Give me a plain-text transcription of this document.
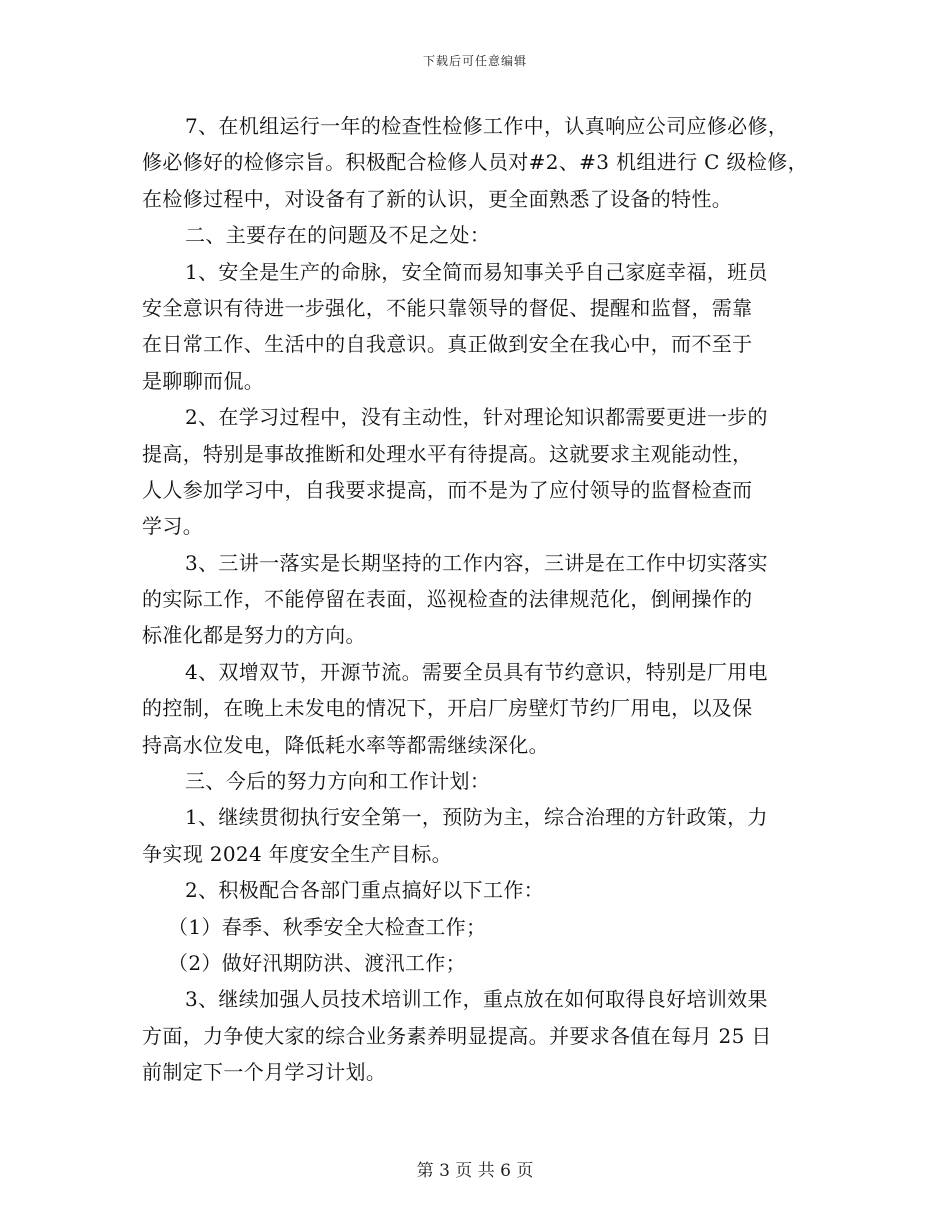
下载后可任意编辑
7、在机组运行一年的检查性检修工作中，认真响应公司应修必修，
修必修好的检修宗旨。积极配合检修人员对#2、#3 机组进行 C 级检修，
在检修过程中，对设备有了新的认识，更全面熟悉了设备的特性。
二、主要存在的问题及不足之处：
1、安全是生产的命脉，安全简而易知事关乎自己家庭幸福，班员
安全意识有待进一步强化，不能只靠领导的督促、提醒和监督，需靠
在日常工作、生活中的自我意识。真正做到安全在我心中，而不至于
是聊聊而侃。
2、在学习过程中，没有主动性，针对理论知识都需要更进一步的
提高，特别是事故推断和处理水平有待提高。这就要求主观能动性，
人人参加学习中，自我要求提高，而不是为了应付领导的监督检查而
学习。
3、三讲一落实是长期坚持的工作内容，三讲是在工作中切实落实
的实际工作，不能停留在表面，巡视检查的法律规范化，倒闸操作的
标准化都是努力的方向。
4、双增双节，开源节流。需要全员具有节约意识，特别是厂用电
的控制，在晚上未发电的情况下，开启厂房壁灯节约厂用电，以及保
持高水位发电，降低耗水率等都需继续深化。
三、今后的努力方向和工作计划：
1、继续贯彻执行安全第一，预防为主，综合治理的方针政策，力
争实现 2024 年度安全生产目标。
2、积极配合各部门重点搞好以下工作：
（1）春季、秋季安全大检查工作；
（2）做好汛期防洪、渡汛工作；
3、继续加强人员技术培训工作，重点放在如何取得良好培训效果
方面，力争使大家的综合业务素养明显提高。并要求各值在每月 25 日
前制定下一个月学习计划。
第 3 页 共 6 页
